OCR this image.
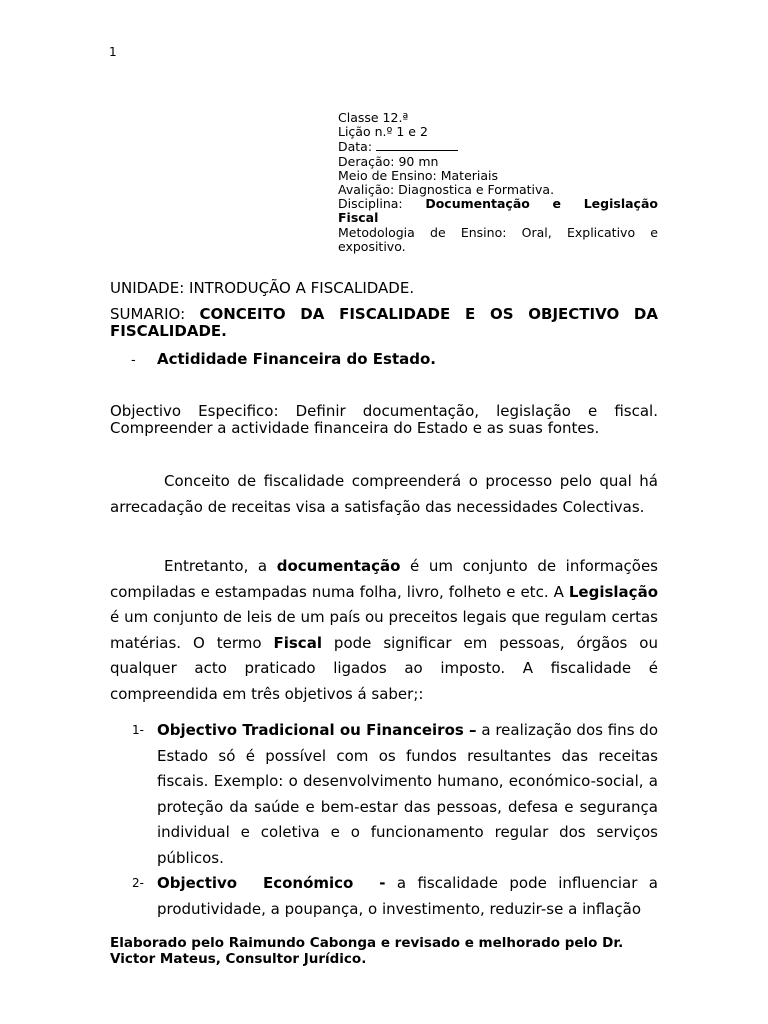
1
Classe 12.ª
Lição n.º 1 e 2
Data:
Deração: 90 mn
Meio de Ensino: Materiais
Avalição: Diagnostica e Formativa.
Disciplina: Documentação e Legislação
Fiscal
Metodologia de Ensino: Oral, Explicativo e expositivo.
UNIDADE: INTRODUÇÃO A FISCALIDADE.
SUMARIO: CONCEITO DA FISCALIDADE E OS OBJECTIVO DA FISCALIDADE.
- Actididade Financeira do Estado.
Objectivo Especifico: Definir documentação, legislação e fiscal. Compreender a actividade financeira do Estado e as suas fontes.
Conceito de fiscalidade compreenderá o processo pelo qual há arrecadação de receitas visa a satisfação das necessidades Colectivas.
Entretanto, a documentação é um conjunto de informações compiladas e estampadas numa folha, livro, folheto e etc. A Legislação é um conjunto de leis de um país ou preceitos legais que regulam certas matérias. O termo Fiscal pode significar em pessoas, órgãos ou qualquer acto praticado ligados ao imposto. A fiscalidade é compreendida em três objetivos á saber;:
1- Objectivo Tradicional ou Financeiros – a realização dos fins do Estado só é possível com os fundos resultantes das receitas fiscais. Exemplo: o desenvolvimento humano, económico-social, a proteção da saúde e bem-estar das pessoas, defesa e segurança individual e coletiva e o funcionamento regular dos serviços públicos.
2- Objectivo Económico - a fiscalidade pode influenciar a produtividade, a poupança, o investimento, reduzir-se a inflação
Elaborado pelo Raimundo Cabonga e revisado e melhorado pelo Dr. Victor Mateus, Consultor Jurídico.
